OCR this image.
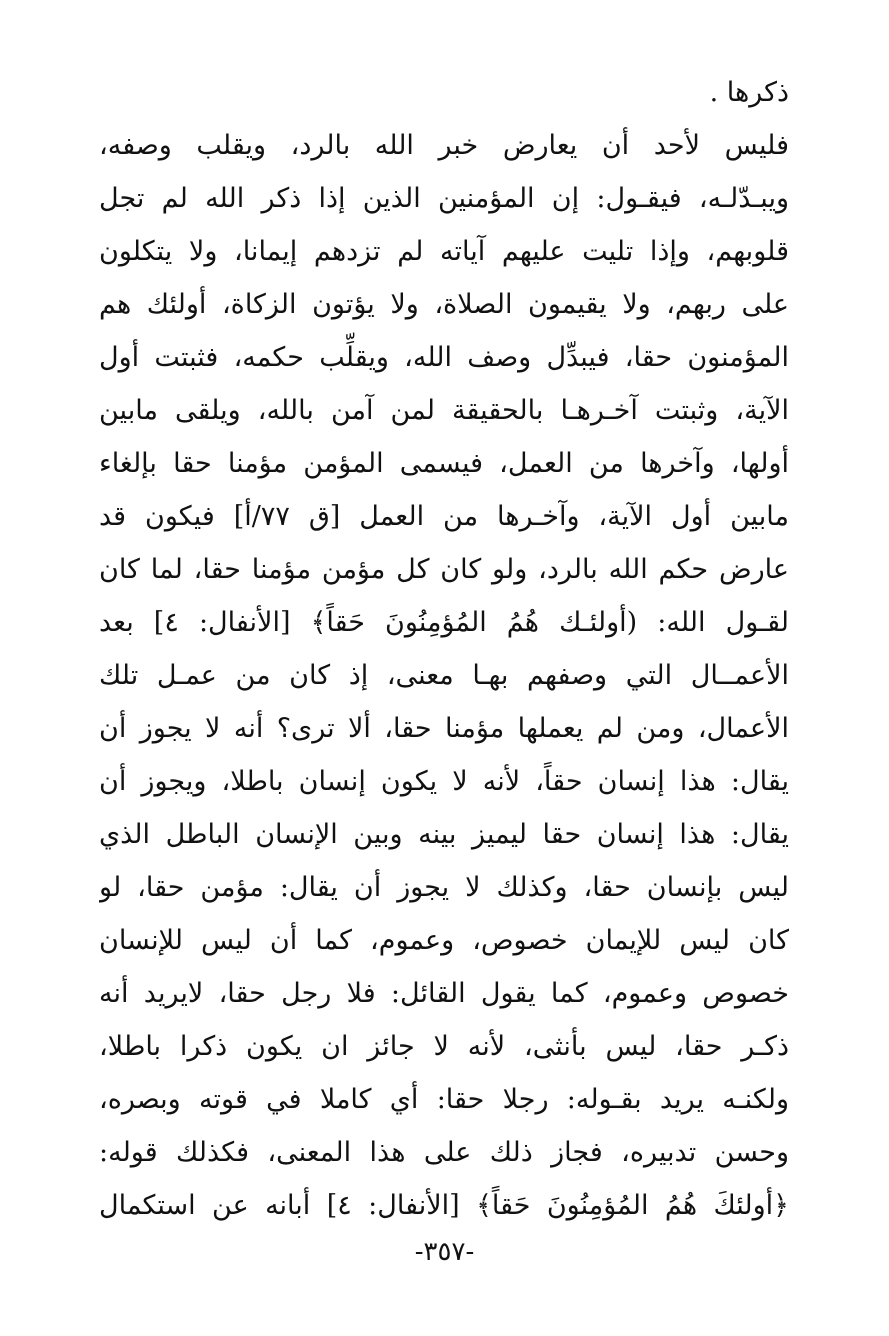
ذكرها .
فليس لأحد أن يعارض خبر الله بالرد، ويقلب وصفه،
ويبـدّلـه، فيقـول: إن المؤمنين الذين إذا ذكر الله لم تجل
قلوبهم، وإذا تليت عليهم آياته لم تزدهم إيمانا، ولا يتكلون
على ربهم، ولا يقيمون الصلاة، ولا يؤتون الزكاة، أولئك هم
المؤمنون حقا، فيبدِّل وصف الله، ويقلِّب حكمه، فثبتت أول
الآية، وثبتت آخـرهـا بالحقيقة لمن آمن بالله، ويلقى مابين
أولها، وآخرها من العمل، فيسمى المؤمن مؤمنا حقا بإلغاء
مابين أول الآية، وآخـرها من العمل [ق ٧٧/أ] فيكون قد
عارض حكم الله بالرد، ولو كان كل مؤمن مؤمنا حقا، لما كان
لقـول الله: (أولئـك هُمُ المُؤمِنُونَ حَقاً﴾ [الأنفال: ٤] بعد
الأعمــال التي وصفهم بهـا معنى، إذ كان من عمـل تلك
الأعمال، ومن لم يعملها مؤمنا حقا، ألا ترى؟ أنه لا يجوز أن
يقال: هذا إنسان حقاً، لأنه لا يكون إنسان باطلا، ويجوز أن
يقال: هذا إنسان حقا ليميز بينه وبين الإنسان الباطل الذي
ليس بإنسان حقا، وكذلك لا يجوز أن يقال: مؤمن حقا، لو
كان ليس للإيمان خصوص، وعموم، كما أن ليس للإنسان
خصوص وعموم، كما يقول القائل: فلا رجل حقا، لايريد أنه
ذكـر حقا، ليس بأنثى، لأنه لا جائز ان يكون ذكرا باطلا،
ولكنـه يريد بقـوله: رجلا حقا: أي كاملا في قوته وبصره،
وحسن تدبيره، فجاز ذلك على هذا المعنى، فكذلك قوله:
﴿أولئكَ هُمُ المُؤمِنُونَ حَقاً﴾ [الأنفال: ٤] أبانه عن استكمال
-٣٥٧-
